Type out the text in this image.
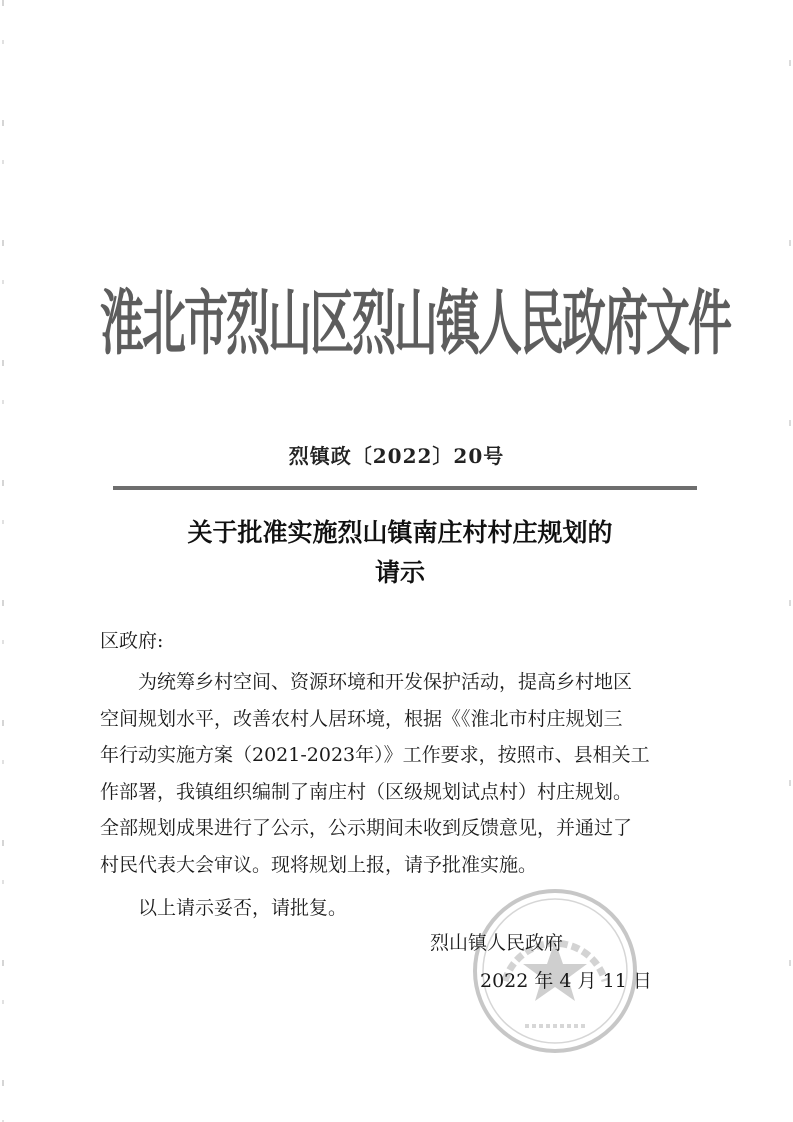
淮北市烈山区烈山镇人民政府文件
烈镇政〔2022〕20号
关于批准实施烈山镇南庄村村庄规划的
请示
区政府:
为统筹乡村空间、资源环境和开发保护活动，提高乡村地区
空间规划水平，改善农村人居环境，根据《《淮北市村庄规划三
年行动实施方案（2021-2023年）》工作要求，按照市、县相关工
作部署，我镇组织编制了南庄村（区级规划试点村）村庄规划。
全部规划成果进行了公示，公示期间未收到反馈意见，并通过了
村民代表大会审议。现将规划上报，请予批准实施。
以上请示妥否，请批复。
烈山镇人民政府
2022 年 4 月 11 日
